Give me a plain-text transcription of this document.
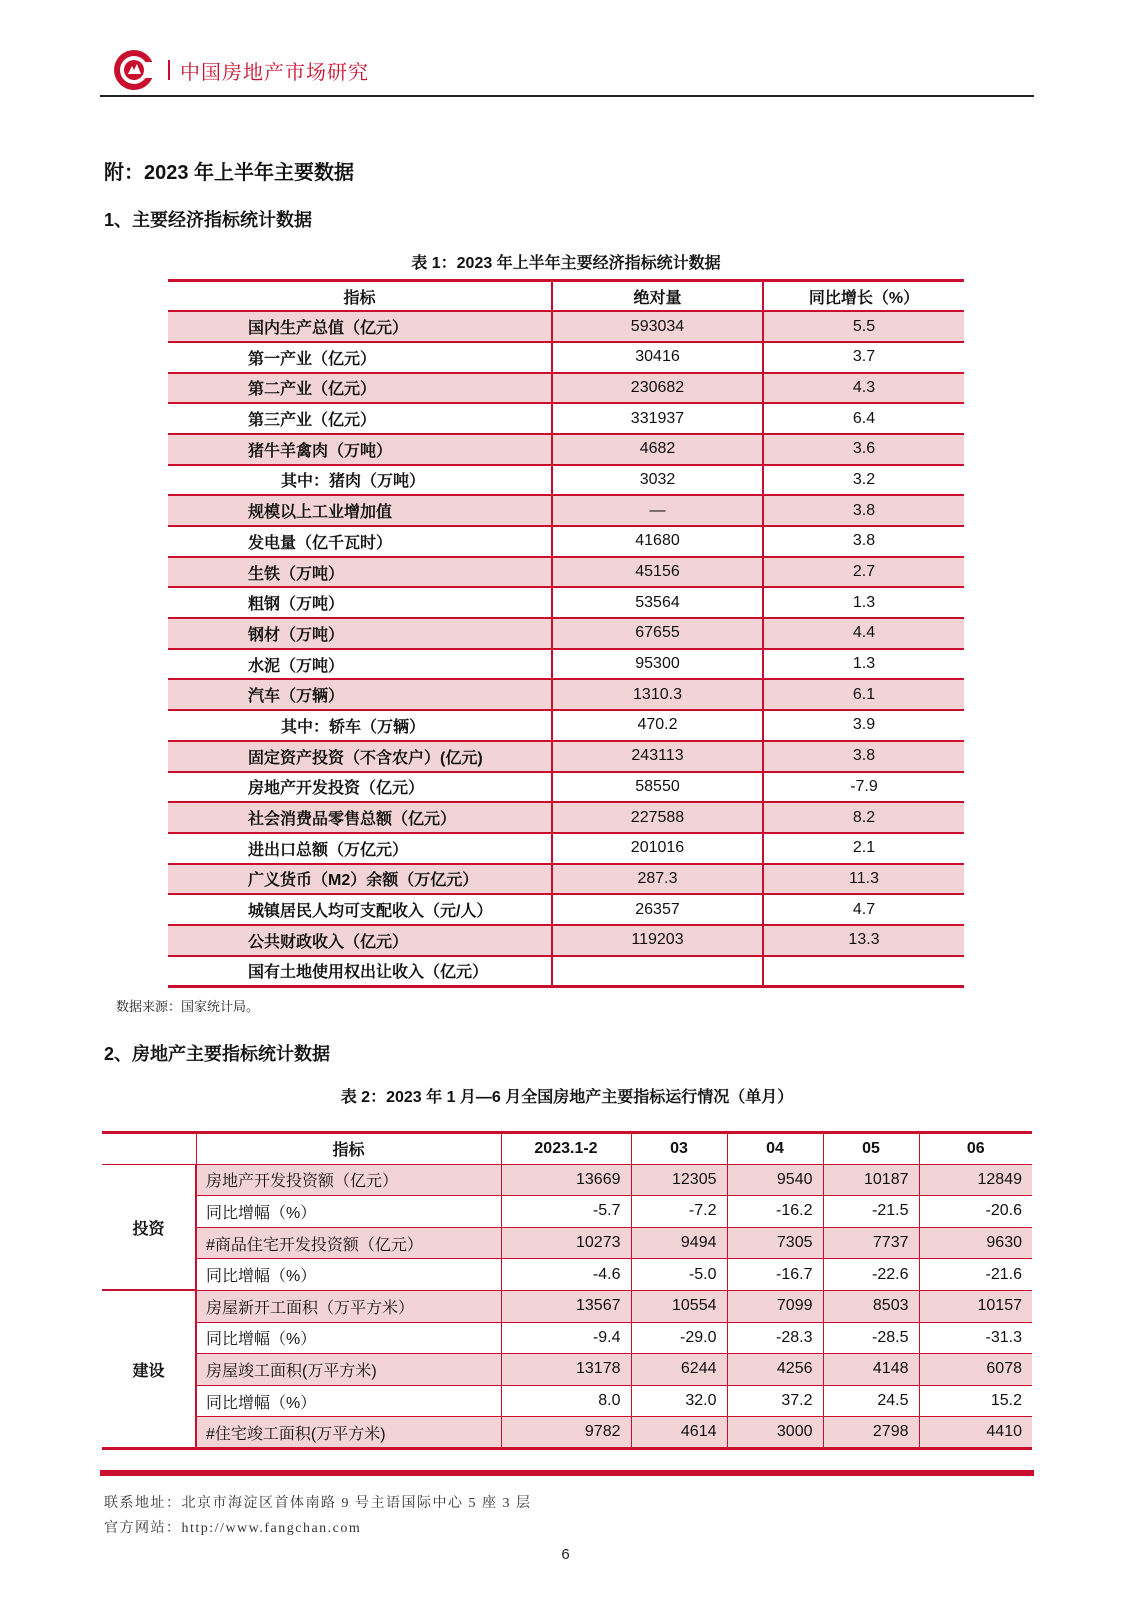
中国房地产市场研究
附：2023 年上半年主要数据
1、主要经济指标统计数据
表 1：2023 年上半年主要经济指标统计数据
指标	绝对量	同比增长（%）
国内生产总值（亿元）	593034	5.5
第一产业（亿元）	30416	3.7
第二产业（亿元）	230682	4.3
第三产业（亿元）	331937	6.4
猪牛羊禽肉（万吨）	4682	3.6
其中：猪肉（万吨）	3032	3.2
规模以上工业增加值	—	3.8
发电量（亿千瓦时）	41680	3.8
生铁（万吨）	45156	2.7
粗钢（万吨）	53564	1.3
钢材（万吨）	67655	4.4
水泥（万吨）	95300	1.3
汽车（万辆）	1310.3	6.1
其中：轿车（万辆）	470.2	3.9
固定资产投资（不含农户）(亿元)	243113	3.8
房地产开发投资（亿元）	58550	-7.9
社会消费品零售总额（亿元）	227588	8.2
进出口总额（万亿元）	201016	2.1
广义货币（M2）余额（万亿元）	287.3	11.3
城镇居民人均可支配收入（元/人）	26357	4.7
公共财政收入（亿元）	119203	13.3
国有土地使用权出让收入（亿元）		
数据来源：国家统计局。
2、房地产主要指标统计数据
表 2：2023 年 1 月—6 月全国房地产主要指标运行情况（单月）
	指标	2023.1-2	03	04	05	06
投资	房地产开发投资额（亿元）	13669	12305	9540	10187	12849
	同比增幅（%）	-5.7	-7.2	-16.2	-21.5	-20.6
	#商品住宅开发投资额（亿元）	10273	9494	7305	7737	9630
	同比增幅（%）	-4.6	-5.0	-16.7	-22.6	-21.6
建设	房屋新开工面积（万平方米）	13567	10554	7099	8503	10157
	同比增幅（%）	-9.4	-29.0	-28.3	-28.5	-31.3
	房屋竣工面积(万平方米)	13178	6244	4256	4148	6078
	同比增幅（%）	8.0	32.0	37.2	24.5	15.2
	#住宅竣工面积(万平方米)	9782	4614	3000	2798	4410
联系地址：北京市海淀区首体南路 9 号主语国际中心 5 座 3 层
官方网站：http://www.fangchan.com
6
